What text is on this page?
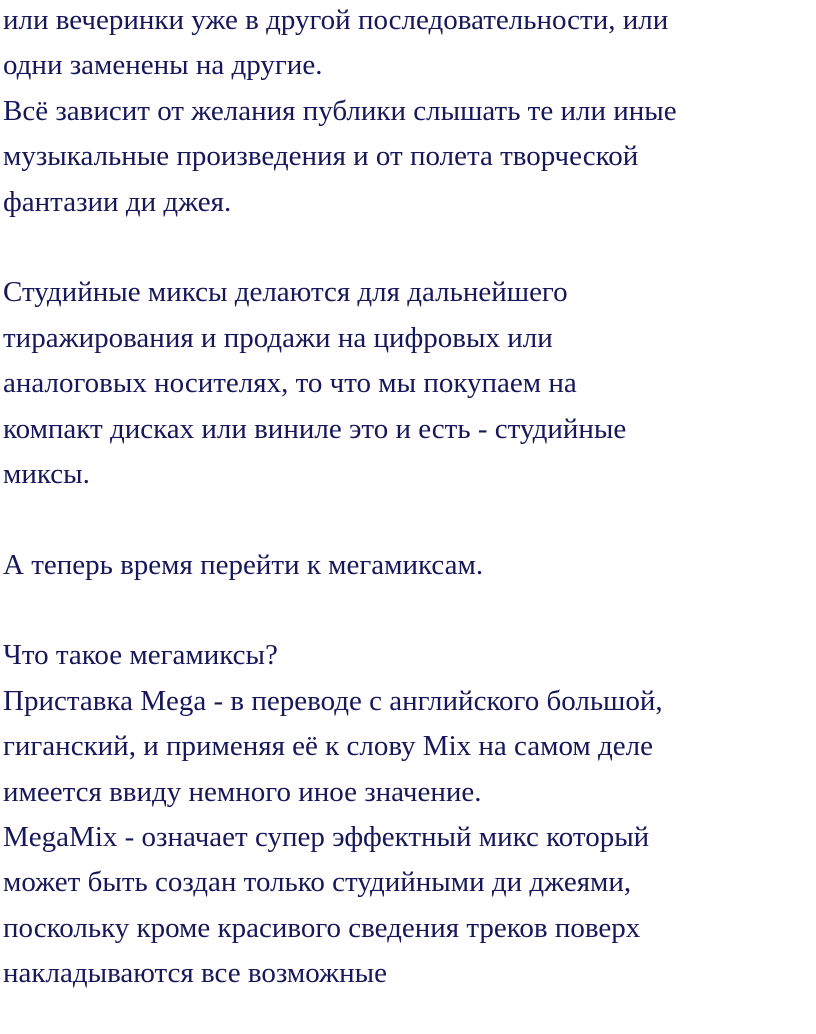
или вечеринки уже в другой последовательности, или
одни заменены на другие.
Всё зависит от желания публики слышать те или иные
музыкальные произведения и от полета творческой
фантазии ди джея.
Студийные миксы делаются для дальнейшего
тиражирования и продажи на цифровых или
аналоговых носителях, то что мы покупаем на
компакт дисках или виниле это и есть - студийные
миксы.
А теперь время перейти к мегамиксам.
Что такое мегамиксы?
Приставка Mega - в переводе с английского большой,
гиганский, и применяя её к слову Mix на самом деле
имеется ввиду немного иное значение.
MegaMix - означает супер эффектный микс который
может быть создан только студийными ди джеями,
поскольку кроме красивого сведения треков поверх
накладываются все возможные
